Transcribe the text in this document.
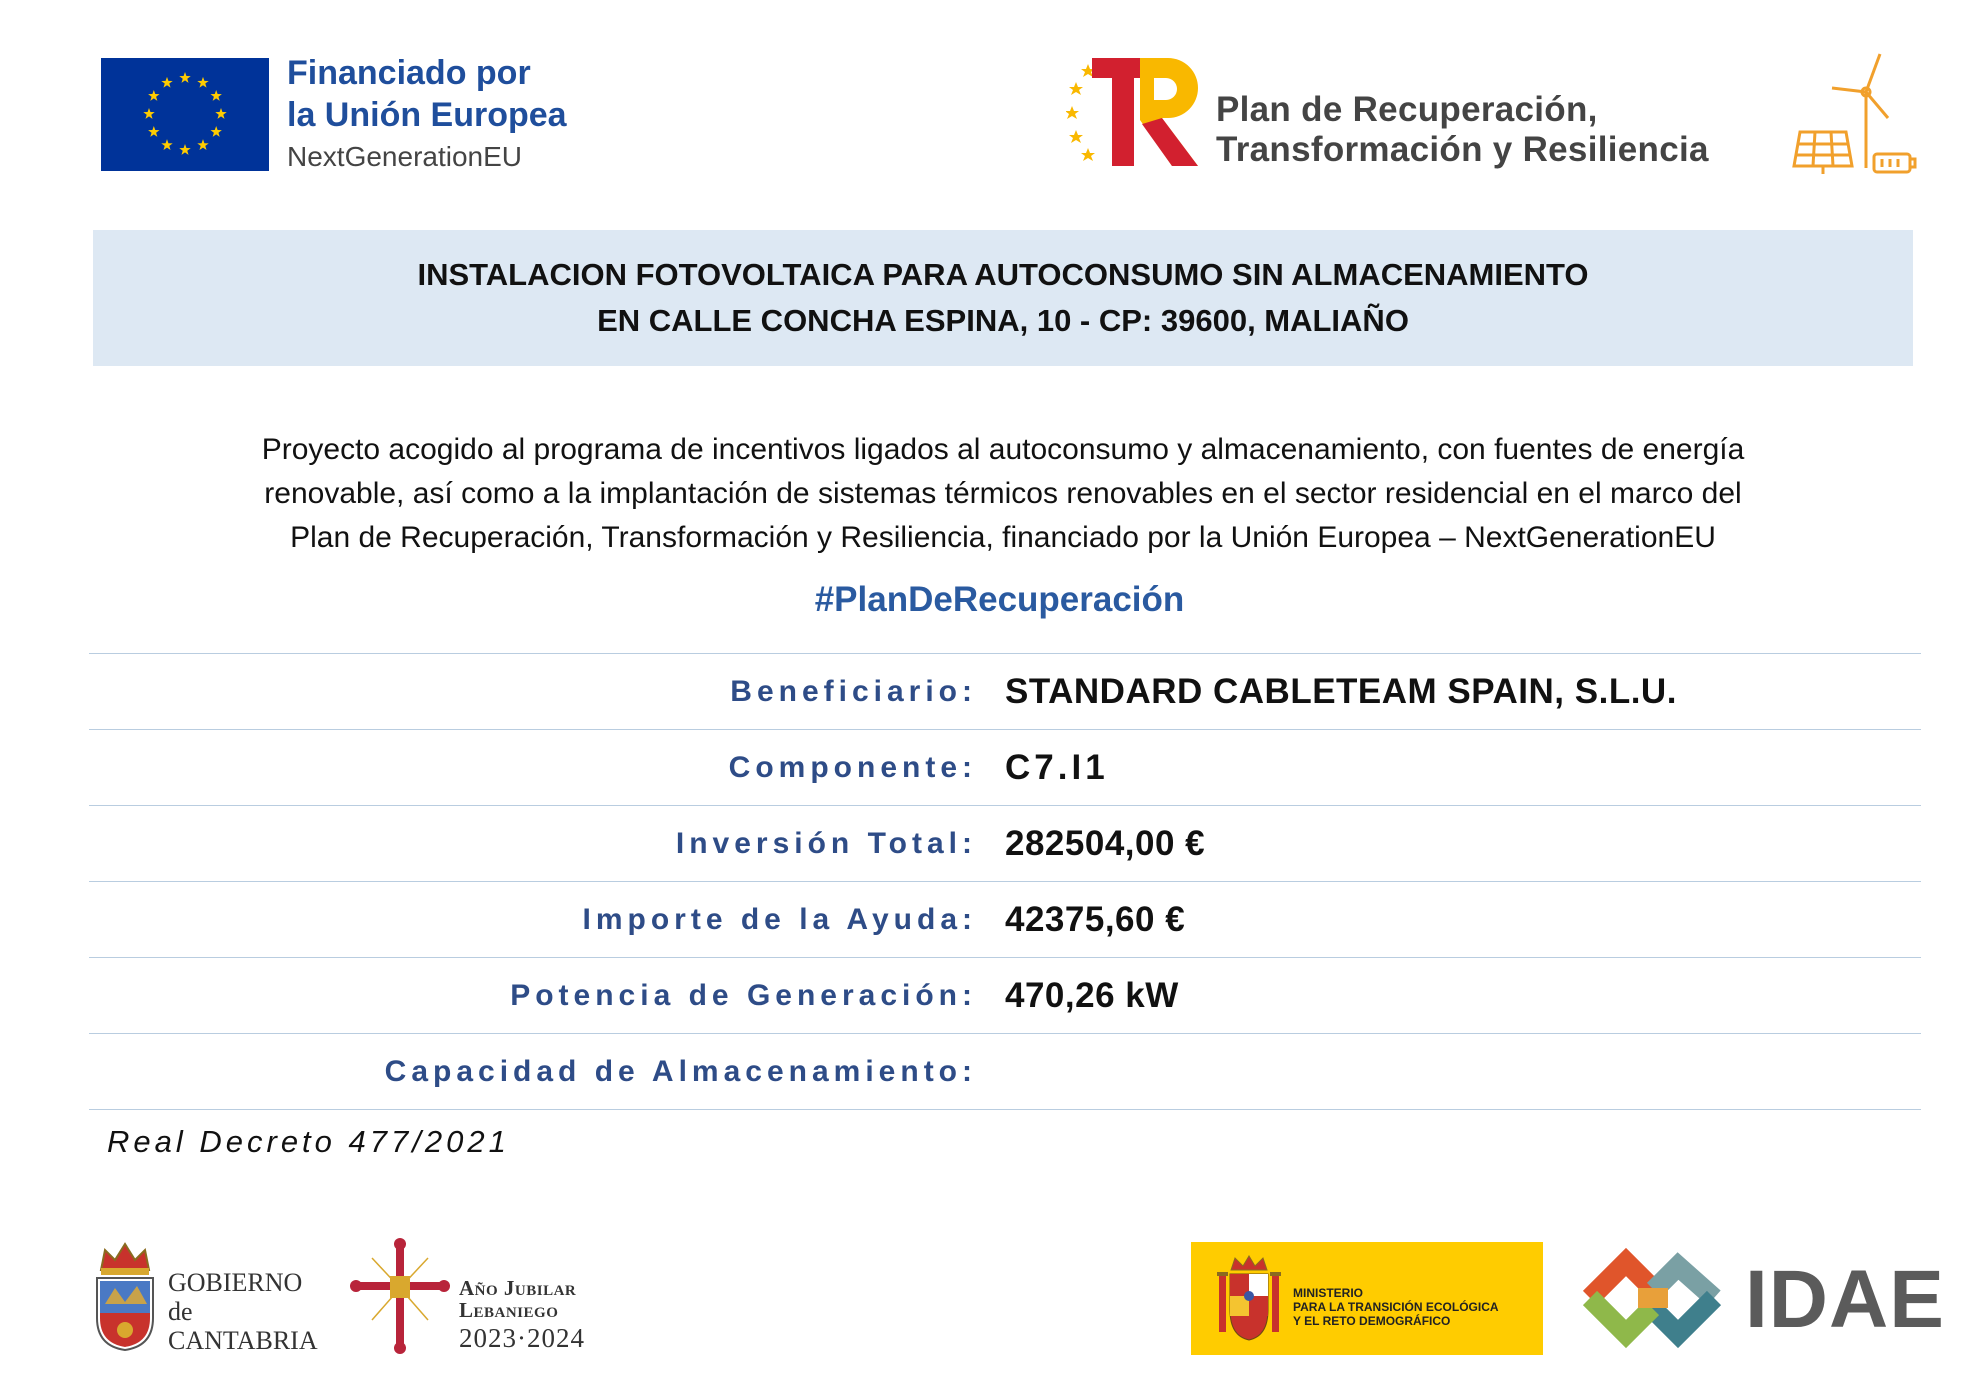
Financiado por
la Unión Europea
NextGenerationEU
Plan de Recuperación,
Transformación y Resiliencia
INSTALACION FOTOVOLTAICA PARA AUTOCONSUMO SIN ALMACENAMIENTO
EN CALLE CONCHA ESPINA, 10 - CP: 39600, MALIAÑO
Proyecto acogido al programa de incentivos ligados al autoconsumo y almacenamiento, con fuentes de energía
renovable, así como a la implantación de sistemas térmicos renovables en el sector residencial en el marco del
Plan de Recuperación, Transformación y Resiliencia, financiado por la Unión Europea – NextGenerationEU
#PlanDeRecuperación
Beneficiario: STANDARD CABLETEAM SPAIN, S.L.U.
Componente: C7.I1
Inversión Total: 282504,00 €
Importe de la Ayuda: 42375,60 €
Potencia de Generación: 470,26 kW
Capacidad de Almacenamiento:
Real Decreto 477/2021
GOBIERNO
de
CANTABRIA
Año Jubilar
Lebaniego
2023·2024
MINISTERIO
PARA LA TRANSICIÓN ECOLÓGICA
Y EL RETO DEMOGRÁFICO	IDAE
